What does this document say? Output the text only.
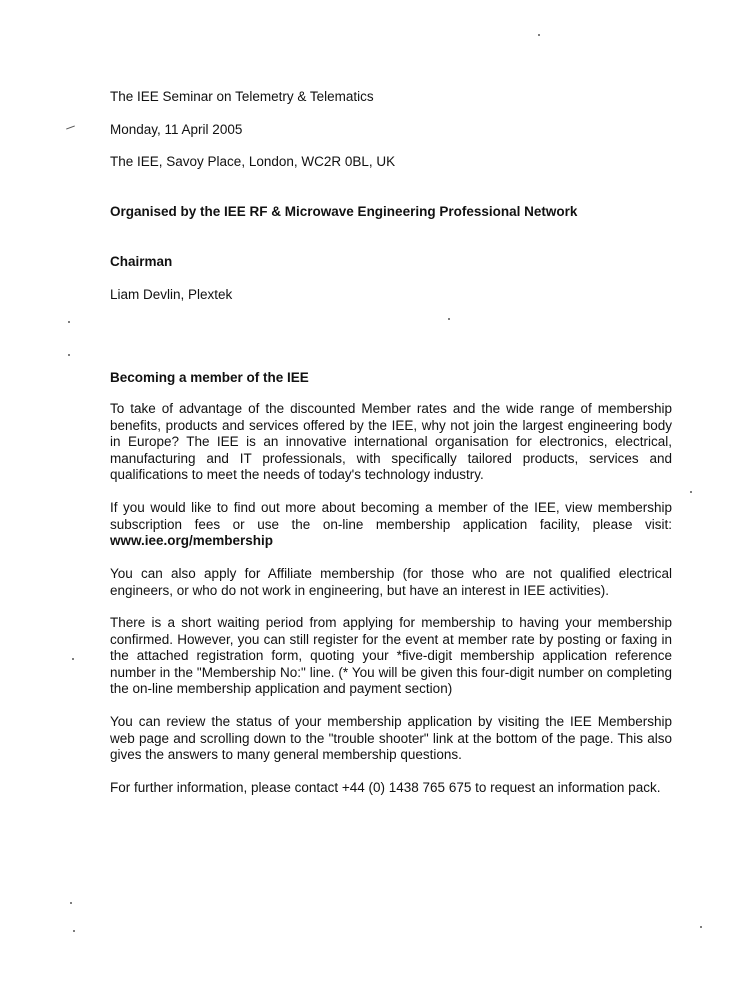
The IEE Seminar on Telemetry & Telematics
Monday, 11 April 2005
The IEE, Savoy Place, London, WC2R 0BL, UK
Organised by the IEE RF & Microwave Engineering Professional Network
Chairman
Liam Devlin, Plextek
Becoming a member of the IEE
To take of advantage of the discounted Member rates and the wide range of membership benefits, products and services offered by the IEE, why not join the largest engineering body in Europe? The IEE is an innovative international organisation for electronics, electrical, manufacturing and IT professionals, with specifically tailored products, services and qualifications to meet the needs of today's technology industry.
If you would like to find out more about becoming a member of the IEE, view membership subscription fees or use the on-line membership application facility, please visit: www.iee.org/membership
You can also apply for Affiliate membership (for those who are not qualified electrical engineers, or who do not work in engineering, but have an interest in IEE activities).
There is a short waiting period from applying for membership to having your membership confirmed. However, you can still register for the event at member rate by posting or faxing in the attached registration form, quoting your *five-digit membership application reference number in the "Membership No:" line. (* You will be given this four-digit number on completing the on-line membership application and payment section)
You can review the status of your membership application by visiting the IEE Membership web page and scrolling down to the "trouble shooter" link at the bottom of the page. This also gives the answers to many general membership questions.
For further information, please contact +44 (0) 1438 765 675 to request an information pack.
